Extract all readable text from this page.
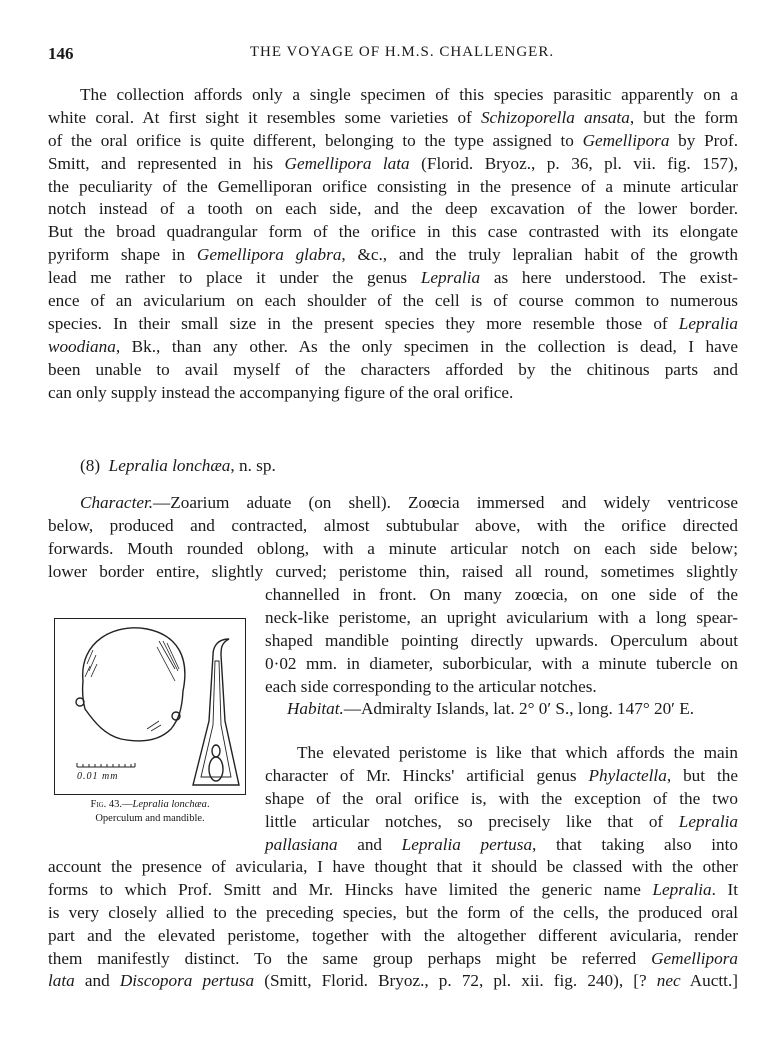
146	THE VOYAGE OF H.M.S. CHALLENGER.
The collection affords only a single specimen of this species parasitic apparently on a
white coral. At first sight it resembles some varieties of Schizoporella ansata, but the form
of the oral orifice is quite different, belonging to the type assigned to Gemellipora by Prof.
Smitt, and represented in his Gemellipora lata (Florid. Bryoz., p. 36, pl. vii. fig. 157),
the peculiarity of the Gemelliporan orifice consisting in the presence of a minute articular
notch instead of a tooth on each side, and the deep excavation of the lower border.
But the broad quadrangular form of the orifice in this case contrasted with its elongate
pyriform shape in Gemellipora glabra, &c., and the truly lepralian habit of the growth
lead me rather to place it under the genus Lepralia as here understood. The exist-
ence of an avicularium on each shoulder of the cell is of course common to numerous
species. In their small size in the present species they more resemble those of Lepralia
woodiana, Bk., than any other. As the only specimen in the collection is dead, I have
been unable to avail myself of the characters afforded by the chitinous parts and
can only supply instead the accompanying figure of the oral orifice.
(8) Lepralia lonchæa, n. sp.
Character.—Zoarium aduate (on shell). Zoœcia immersed and widely ventricose
below, produced and contracted, almost subtubular above, with the orifice directed
forwards. Mouth rounded oblong, with a minute articular notch on each side below;
lower border entire, slightly curved; peristome thin, raised all round, sometimes slightly
channelled in front. On many zoœcia, on one side of the
neck-like peristome, an upright avicularium with a long spear-
shaped mandible pointing directly upwards. Operculum about
0·02 mm. in diameter, suborbicular, with a minute tubercle on
each side corresponding to the articular notches.
Habitat.—Admiralty Islands, lat. 2° 0′ S., long. 147° 20′ E.
The elevated peristome is like that which affords the main
character of Mr. Hincks' artificial genus Phylactella, but the
shape of the oral orifice is, with the exception of the two
little articular notches, so precisely like that of Lepralia
pallasiana and Lepralia pertusa, that taking also into
account the presence of avicularia, I have thought that it should be classed with the other
forms to which Prof. Smitt and Mr. Hincks have limited the generic name Lepralia. It
is very closely allied to the preceding species, but the form of the cells, the produced oral
part and the elevated peristome, together with the altogether different avicularia, render
them manifestly distinct. To the same group perhaps might be referred Gemellipora
lata and Discopora pertusa (Smitt, Florid. Bryoz., p. 72, pl. xii. fig. 240), [? nec Auctt.]
0.01 mm
Fig. 43.—Lepralia lonchæa.
Operculum and mandible.
